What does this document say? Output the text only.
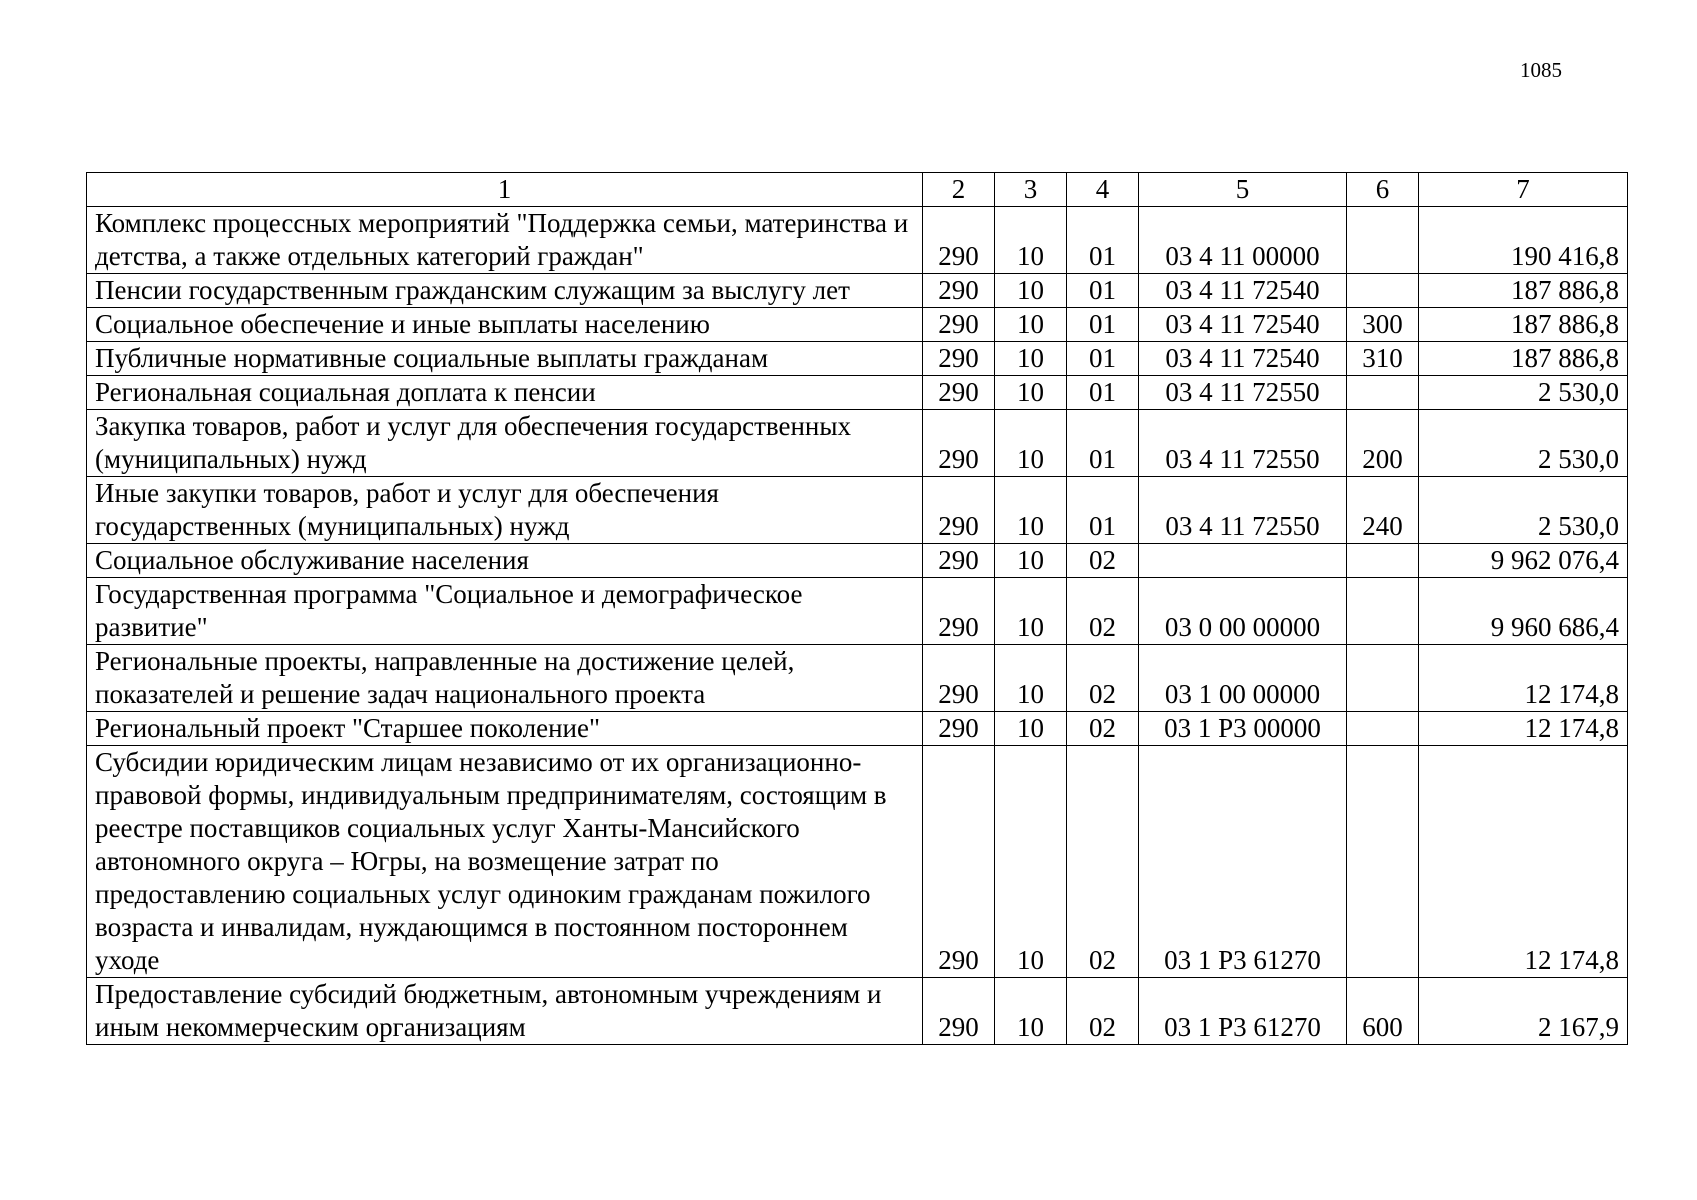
1085
1	2	3	4	5	6	7
Комплекс процессных мероприятий "Поддержка семьи, материнства и детства, а также отдельных категорий граждан"	290	10	01	03 4 11 00000		190 416,8
Пенсии государственным гражданским служащим за выслугу лет	290	10	01	03 4 11 72540		187 886,8
Социальное обеспечение и иные выплаты населению	290	10	01	03 4 11 72540	300	187 886,8
Публичные нормативные социальные выплаты гражданам	290	10	01	03 4 11 72540	310	187 886,8
Региональная социальная доплата к пенсии	290	10	01	03 4 11 72550		2 530,0
Закупка товаров, работ и услуг для обеспечения государственных (муниципальных) нужд	290	10	01	03 4 11 72550	200	2 530,0
Иные закупки товаров, работ и услуг для обеспечения государственных (муниципальных) нужд	290	10	01	03 4 11 72550	240	2 530,0
Социальное обслуживание населения	290	10	02			9 962 076,4
Государственная программа "Социальное и демографическое развитие"	290	10	02	03 0 00 00000		9 960 686,4
Региональные проекты, направленные на достижение целей, показателей и решение задач национального проекта	290	10	02	03 1 00 00000		12 174,8
Региональный проект "Старшее поколение"	290	10	02	03 1 Р3 00000		12 174,8
Субсидии юридическим лицам независимо от их организационно-правовой формы, индивидуальным предпринимателям, состоящим в реестре поставщиков социальных услуг Ханты-Мансийского автономного округа – Югры, на возмещение затрат по предоставлению социальных услуг одиноким гражданам пожилого возраста и инвалидам, нуждающимся в постоянном постороннем уходе	290	10	02	03 1 Р3 61270		12 174,8
Предоставление субсидий бюджетным, автономным учреждениям и иным некоммерческим организациям	290	10	02	03 1 Р3 61270	600	2 167,9
